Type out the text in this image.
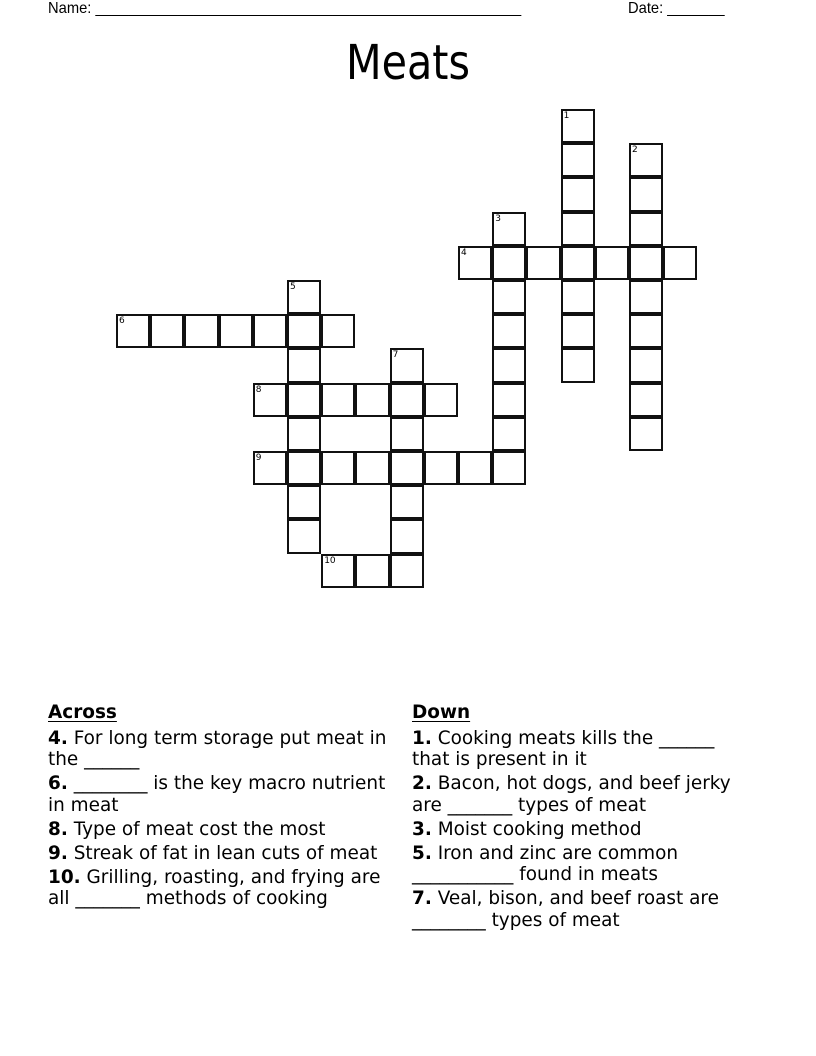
Name: ____________________________________________________	Date: _______
Meats
1
2
3
4
5
6
7
8
9
10
Across
4. For long term storage put meat in the ______
6. ________ is the key macro nutrient in meat
8. Type of meat cost the most
9. Streak of fat in lean cuts of meat
10. Grilling, roasting, and frying are all _______ methods of cooking
Down
1. Cooking meats kills the ______ that is present in it
2. Bacon, hot dogs, and beef jerky are _______ types of meat
3. Moist cooking method
5. Iron and zinc are common ___________ found in meats
7. Veal, bison, and beef roast are ________ types of meat
